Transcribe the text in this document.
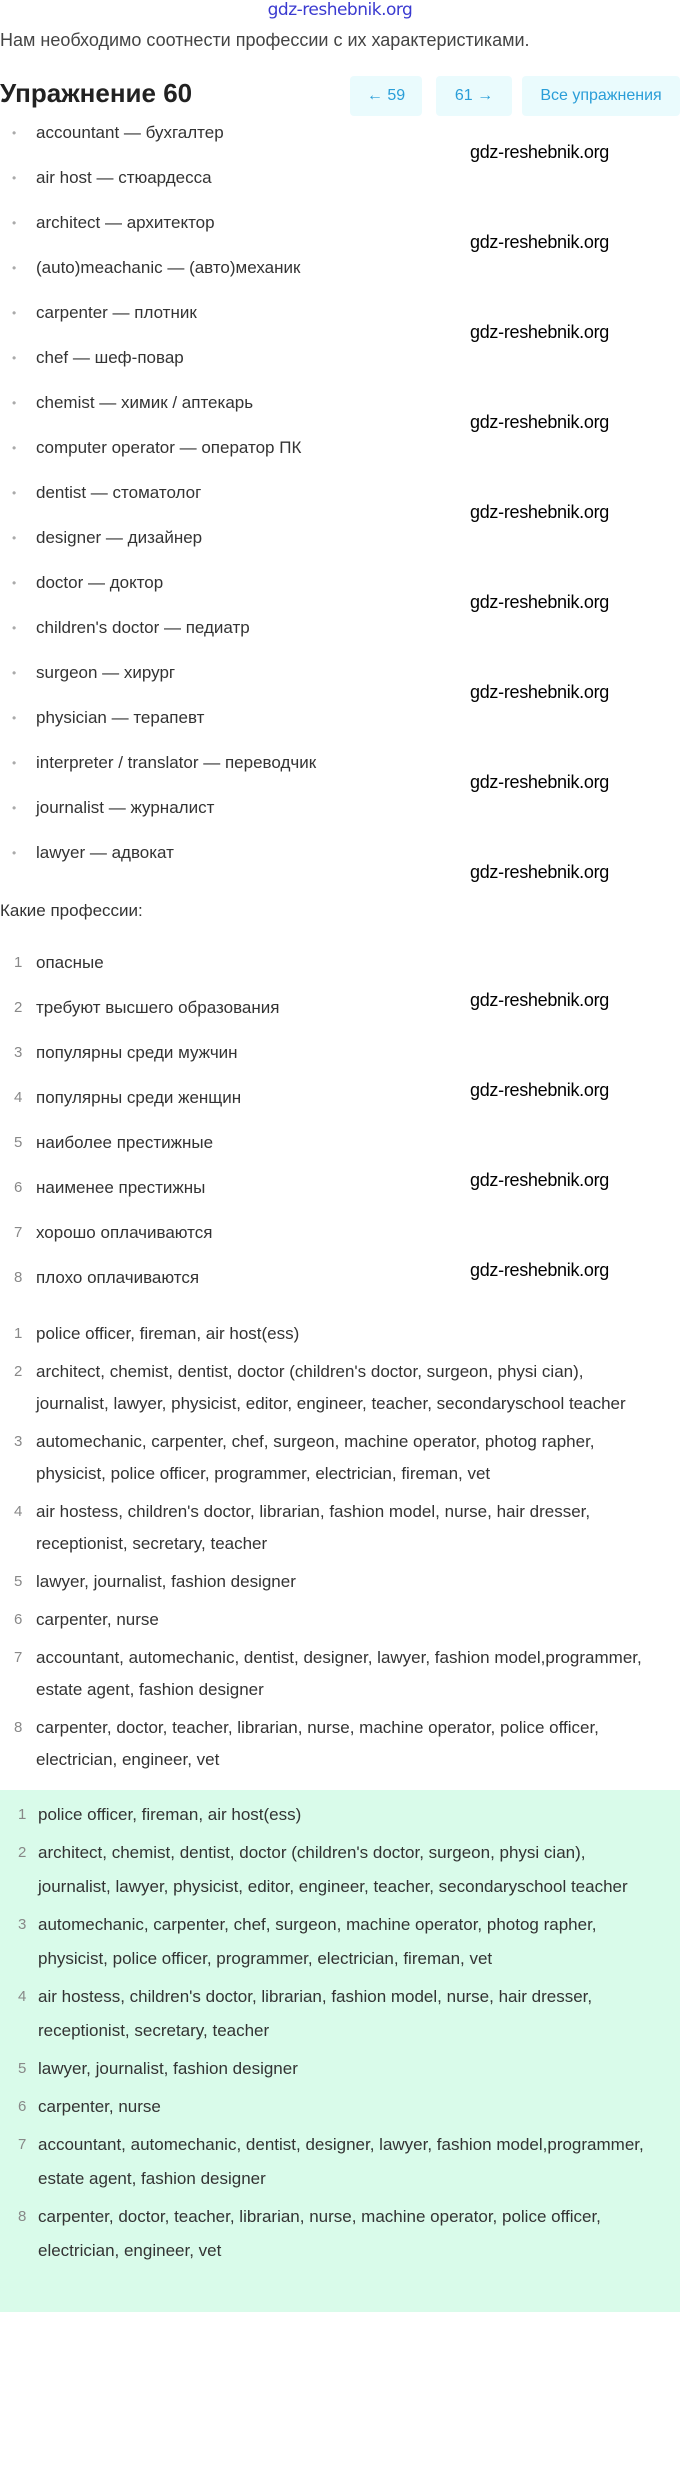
gdz-reshebnik.org
Нам необходимо соотнести профессии с их характеристиками.
Упражнение 60	← 59	61 →	Все упражнения
• accountant — бухгалтер
• air host — стюардесса
• architect — архитектор
• (auto)meachanic — (авто)механик
• carpenter — плотник
• chef — шеф-повар
• chemist — химик / аптекарь
• computer operator — оператор ПК
• dentist — стоматолог
• designer — дизайнер
• doctor — доктор
• children's doctor — педиатр
• surgeon — хирург
• physician — терапевт
• interpreter / translator — переводчик
• journalist — журналист
• lawyer — адвокат
Какие профессии:
1 опасные
2 требуют высшего образования
3 популярны среди мужчин
4 популярны среди женщин
5 наиболее престижные
6 наименее престижны
7 хорошо оплачиваются
8 плохо оплачиваются
1 police officer, fireman, air host(ess)
2 architect, chemist, dentist, doctor (children's doctor, surgeon, physi cian), journalist, lawyer, physicist, editor, engineer, teacher, secondaryschool teacher
3 automechanic, carpenter, chef, surgeon, machine operator, photog rapher, physicist, police officer, programmer, electrician, fireman, vet
4 air hostess, children's doctor, librarian, fashion model, nurse, hair dresser, receptionist, secretary, teacher
5 lawyer, journalist, fashion designer
6 carpenter, nurse
7 accountant, automechanic, dentist, designer, lawyer, fashion model,programmer, estate agent, fashion designer
8 carpenter, doctor, teacher, librarian, nurse, machine operator, police officer, electrician, engineer, vet
1 police officer, fireman, air host(ess)
2 architect, chemist, dentist, doctor (children's doctor, surgeon, physi cian), journalist, lawyer, physicist, editor, engineer, teacher, secondaryschool teacher
3 automechanic, carpenter, chef, surgeon, machine operator, photog rapher, physicist, police officer, programmer, electrician, fireman, vet
4 air hostess, children's doctor, librarian, fashion model, nurse, hair dresser, receptionist, secretary, teacher
5 lawyer, journalist, fashion designer
6 carpenter, nurse
7 accountant, automechanic, dentist, designer, lawyer, fashion model,programmer, estate agent, fashion designer
8 carpenter, doctor, teacher, librarian, nurse, machine operator, police officer, electrician, engineer, vet
gdz-reshebnik.org
gdz-reshebnik.org
gdz-reshebnik.org
gdz-reshebnik.org
gdz-reshebnik.org
gdz-reshebnik.org
gdz-reshebnik.org
gdz-reshebnik.org
gdz-reshebnik.org
gdz-reshebnik.org
gdz-reshebnik.org
gdz-reshebnik.org
gdz-reshebnik.org
